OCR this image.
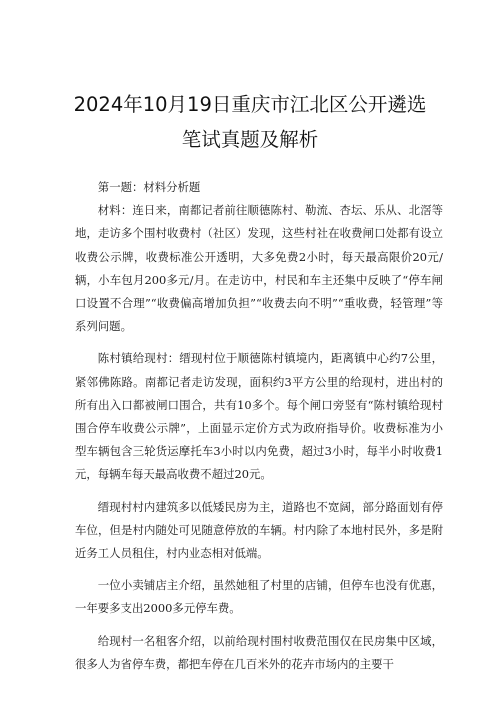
2024年10月19日重庆市江北区公开遴选
笔试真题及解析

第一题：材料分析题

材料：连日来，南都记者前往顺德陈村、勒流、杏坛、乐从、北滘等地，走访多个围村收费村（社区）发现，这些村社在收费闸口处都有设立收费公示牌，收费标准公开透明，大多免费2小时，每天最高限价20元/辆，小车包月200多元/月。在走访中，村民和车主还集中反映了“停车闸口设置不合理”“收费偏高增加负担”“收费去向不明”“重收费，轻管理”等系列问题。

陈村镇给现村：缙现村位于顺德陈村镇境内，距离镇中心约7公里，紧邻佛陈路。南都记者走访发现，面积约3平方公里的给现村，进出村的所有出入口都被闸口围合，共有10多个。每个闸口旁竖有“陈村镇给现村围合停车收费公示牌”，上面显示定价方式为政府指导价。收费标准为小型车辆包含三轮货运摩托车3小时以内免费，超过3小时，每半小时收费1元，每辆车每天最高收费不超过20元。

缙现村村内建筑多以低矮民房为主，道路也不宽阔，部分路面划有停车位，但是村内随处可见随意停放的车辆。村内除了本地村民外，多是附近务工人员租住，村内业态相对低端。

一位小卖铺店主介绍，虽然她租了村里的店铺，但停车也没有优惠，一年要多支出2000多元停车费。

给现村一名租客介绍，以前给现村围村收费范围仅在民房集中区域，很多人为省停车费，都把车停在几百米外的花卉市场内的主要干
